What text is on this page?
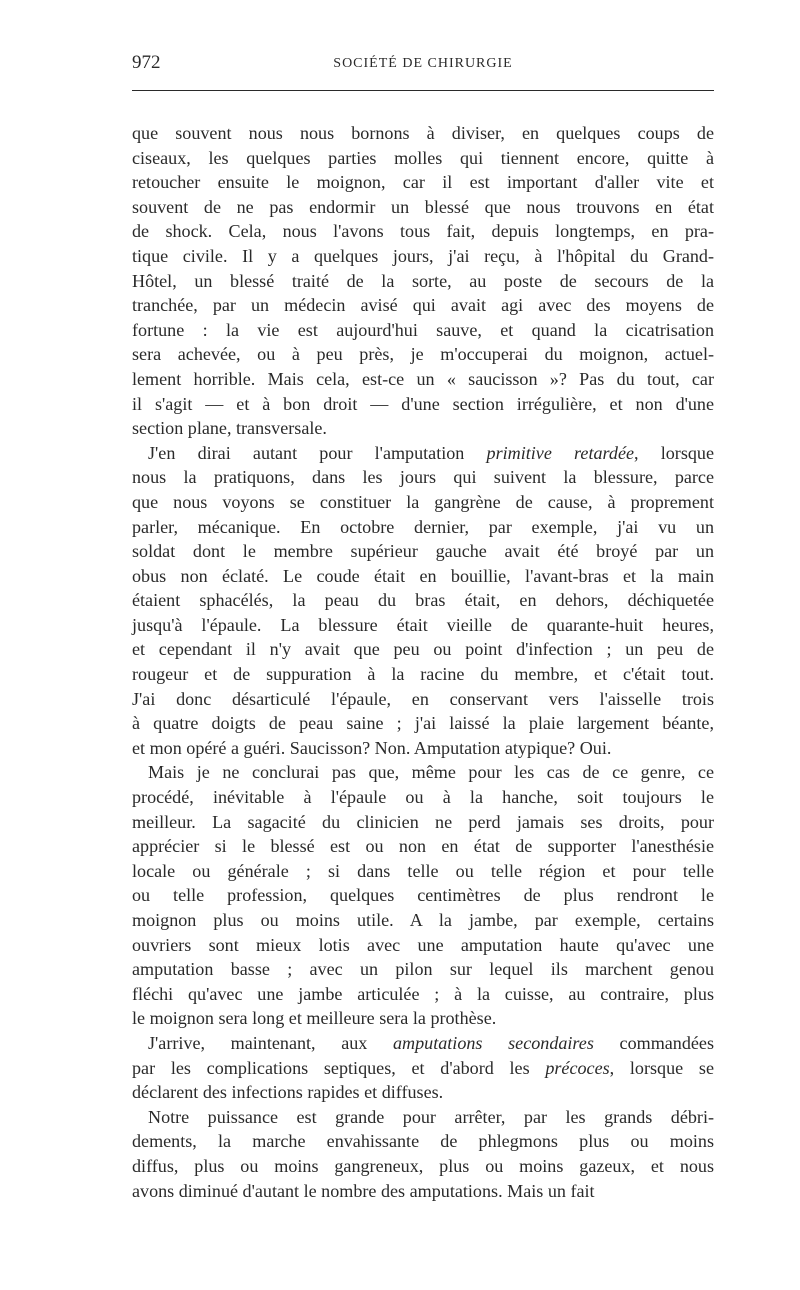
972	SOCIÉTÉ DE CHIRURGIE
que souvent nous nous bornons à diviser, en quelques coups de
ciseaux, les quelques parties molles qui tiennent encore, quitte à
retoucher ensuite le moignon, car il est important d'aller vite et
souvent de ne pas endormir un blessé que nous trouvons en état
de shock. Cela, nous l'avons tous fait, depuis longtemps, en pra-
tique civile. Il y a quelques jours, j'ai reçu, à l'hôpital du Grand-
Hôtel, un blessé traité de la sorte, au poste de secours de la
tranchée, par un médecin avisé qui avait agi avec des moyens de
fortune : la vie est aujourd'hui sauve, et quand la cicatrisation
sera achevée, ou à peu près, je m'occuperai du moignon, actuel-
lement horrible. Mais cela, est-ce un « saucisson »? Pas du tout, car
il s'agit — et à bon droit — d'une section irrégulière, et non d'une
section plane, transversale.
J'en dirai autant pour l'amputation primitive retardée, lorsque
nous la pratiquons, dans les jours qui suivent la blessure, parce
que nous voyons se constituer la gangrène de cause, à proprement
parler, mécanique. En octobre dernier, par exemple, j'ai vu un
soldat dont le membre supérieur gauche avait été broyé par un
obus non éclaté. Le coude était en bouillie, l'avant-bras et la main
étaient sphacélés, la peau du bras était, en dehors, déchiquetée
jusqu'à l'épaule. La blessure était vieille de quarante-huit heures,
et cependant il n'y avait que peu ou point d'infection ; un peu de
rougeur et de suppuration à la racine du membre, et c'était tout.
J'ai donc désarticulé l'épaule, en conservant vers l'aisselle trois
à quatre doigts de peau saine ; j'ai laissé la plaie largement béante,
et mon opéré a guéri. Saucisson? Non. Amputation atypique? Oui.
Mais je ne conclurai pas que, même pour les cas de ce genre, ce
procédé, inévitable à l'épaule ou à la hanche, soit toujours le
meilleur. La sagacité du clinicien ne perd jamais ses droits, pour
apprécier si le blessé est ou non en état de supporter l'anesthésie
locale ou générale ; si dans telle ou telle région et pour telle
ou telle profession, quelques centimètres de plus rendront le
moignon plus ou moins utile. A la jambe, par exemple, certains
ouvriers sont mieux lotis avec une amputation haute qu'avec une
amputation basse ; avec un pilon sur lequel ils marchent genou
fléchi qu'avec une jambe articulée ; à la cuisse, au contraire, plus
le moignon sera long et meilleure sera la prothèse.
J'arrive, maintenant, aux amputations secondaires commandées
par les complications septiques, et d'abord les précoces, lorsque se
déclarent des infections rapides et diffuses.
Notre puissance est grande pour arrêter, par les grands débri-
dements, la marche envahissante de phlegmons plus ou moins
diffus, plus ou moins gangreneux, plus ou moins gazeux, et nous
avons diminué d'autant le nombre des amputations. Mais un fait
